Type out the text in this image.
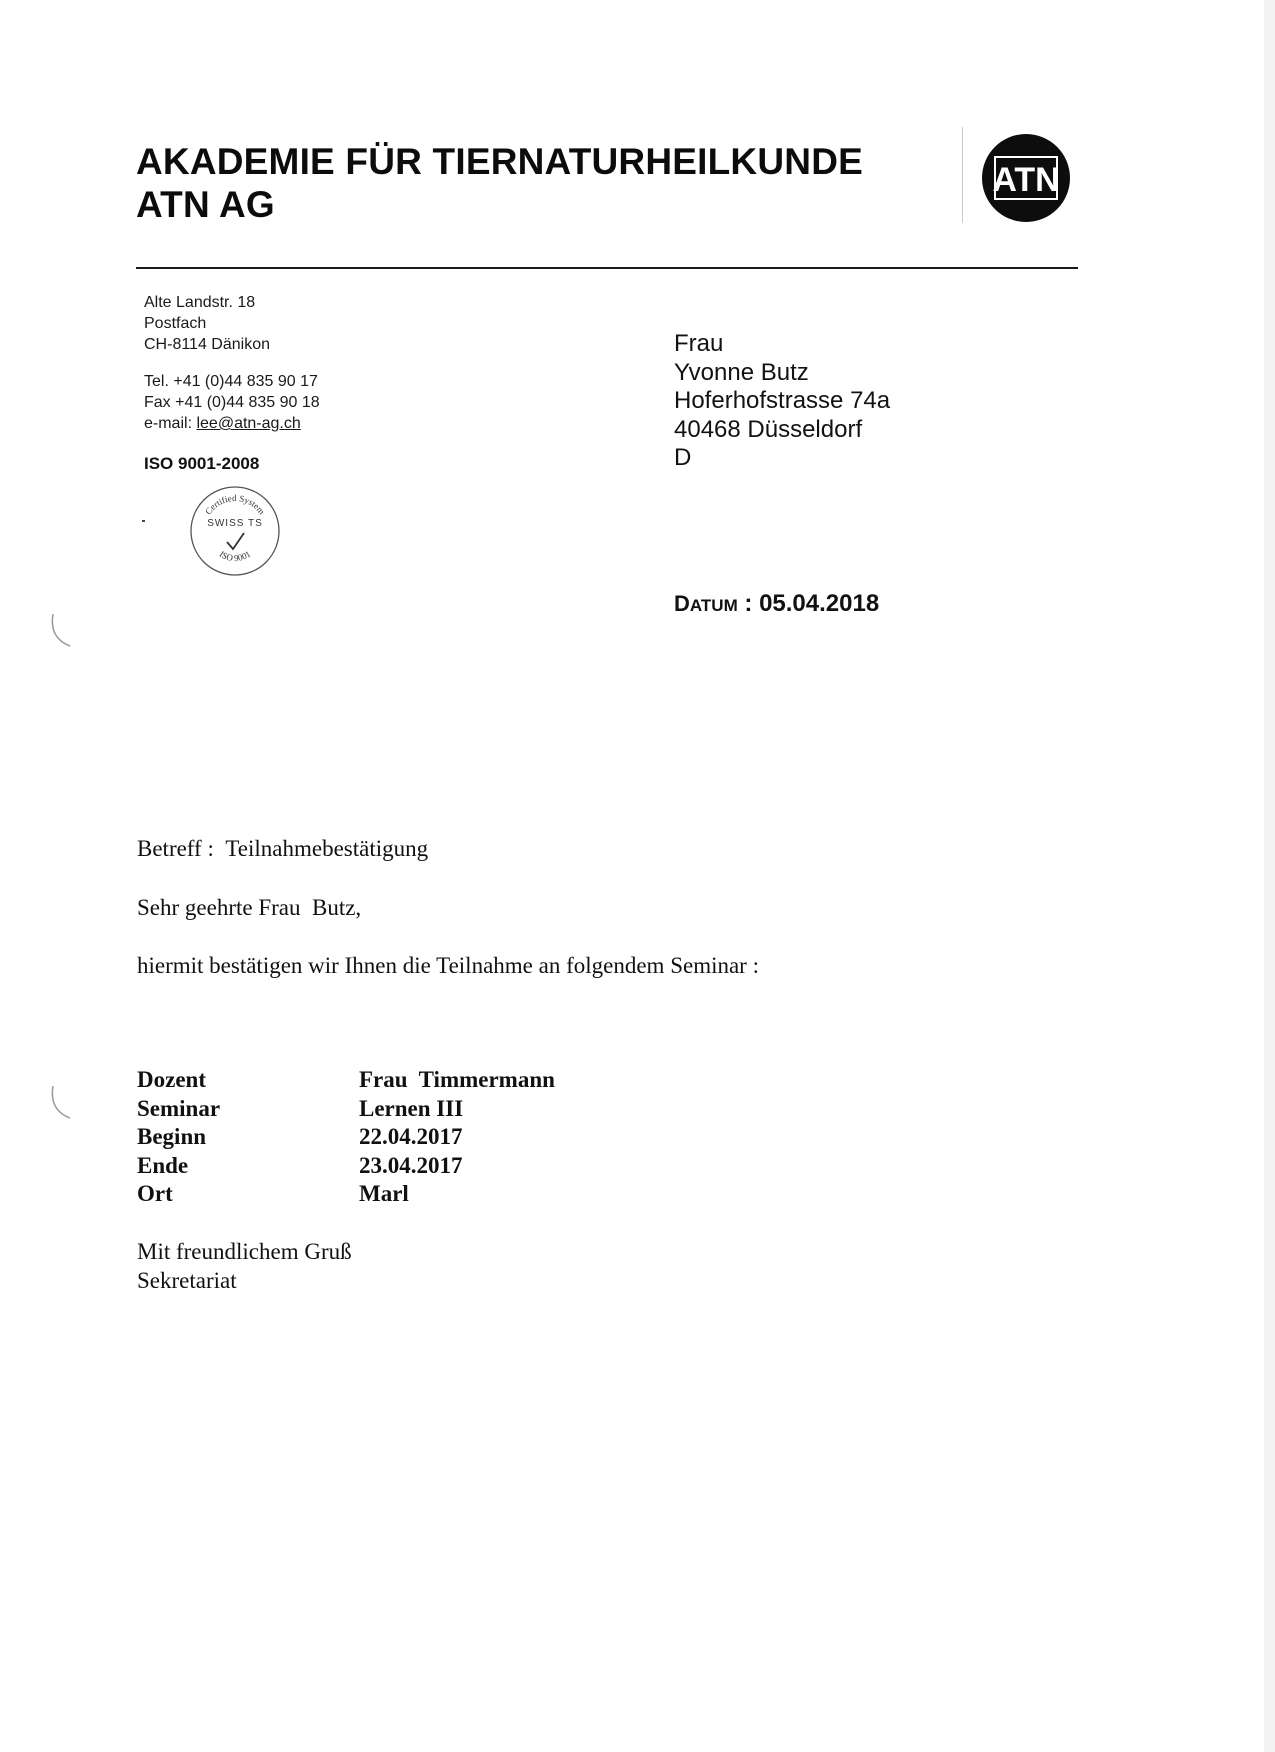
AKADEMIE FÜR TIERNATURHEILKUNDE
ATN AG
ATN
Alte Landstr. 18
Postfach
CH-8114 Dänikon
Tel. +41 (0)44 835 90 17
Fax +41 (0)44 835 90 18
e-mail: lee@atn-ag.ch
ISO 9001-2008
Certified System
SWISS TS
ISO 9001
Frau
Yvonne Butz
Hoferhofstrasse 74a
40468 Düsseldorf
D
DATUM : 05.04.2018
Betreff : Teilnahmebestätigung
Sehr geehrte Frau  Butz,
hiermit bestätigen wir Ihnen die Teilnahme an folgendem Seminar :
Dozent	Frau  Timmermann
Seminar	Lernen III
Beginn	22.04.2017
Ende	23.04.2017
Ort	Marl
Mit freundlichem Gruß
Sekretariat
